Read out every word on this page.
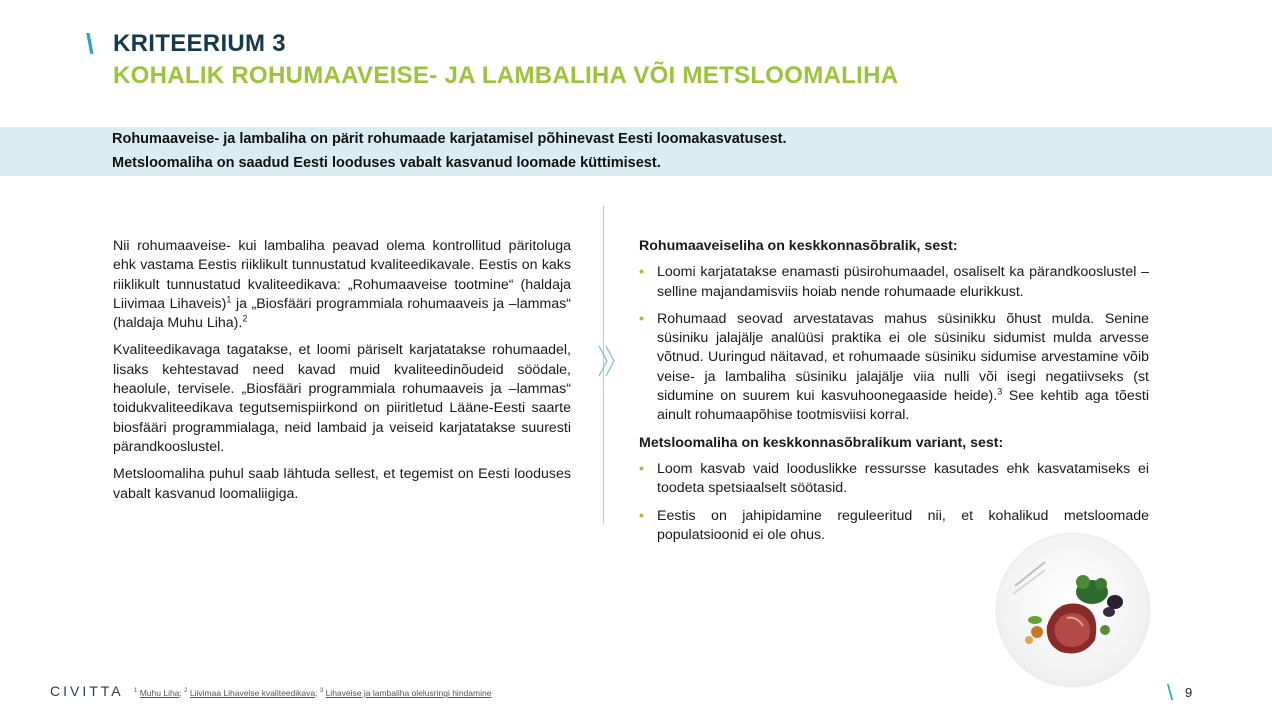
\ KRITEERIUM 3
KOHALIK ROHUMAAVEISE- JA LAMBALIHA VÕI METSLOOMALIHA

Rohumaaveise- ja lambaliha on pärit rohumaade karjatamisel põhinevast Eesti loomakasvatusest.

Metsloomaliha on saadud Eesti looduses vabalt kasvanud loomade küttimisest.

Nii rohumaaveise- kui lambaliha peavad olema kontrollitud päritoluga ehk vastama Eestis riiklikult tunnustatud kvaliteedikavale. Eestis on kaks riiklikult tunnustatud kvaliteedikava: „Rohumaaveise tootmine“ (haldaja Liivimaa Lihaveis)$^1$ ja „Biosfääri programmiala rohumaaveis ja –lammas“ (haldaja Muhu Liha).$^2$

Kvaliteedikavaga tagatakse, et loomi päriselt karjatatakse rohumaadel, lisaks kehtestavad need kavad muid kvaliteedinõudeid söödale, heaolule, tervisele. „Biosfääri programmiala rohumaaveis ja –lammas“ toidukvaliteedikava tegutsemispiirkond on piiritletud Lääne-Eesti saarte biosfääri programmialaga, neid lambaid ja veiseid karjatatakse suuresti pärandkooslustel.

Metsloomaliha puhul saab lähtuda sellest, et tegemist on Eesti looduses vabalt kasvanud loomaliigiga.

Rohumaaveiseliha on keskkonnasõbralik, sest:
• Loomi karjatatakse enamasti püsirohumaadel, osaliselt ka pärandkooslustel – selline majandamisviis hoiab nende rohumaade elurikkust.
• Rohumaad seovad arvestatavas mahus süsinikku õhust mulda. Senine süsiniku jalajälje analüüsi praktika ei ole süsiniku sidumist mulda arvesse võtnud. Uuringud näitavad, et rohumaade süsiniku sidumise arvestamine võib veise- ja lambaliha süsiniku jalajälje viia nulli või isegi negatiivseks (st sidumine on suurem kui kasvuhoonegaaside heide).$^3$ See kehtib aga tõesti ainult rohumaapõhise tootmisviisi korral.
Metsloomaliha on keskkonnasõbralikum variant, sest:
• Loom kasvab vaid looduslikke ressursse kasutades ehk kasvatamiseks ei toodeta spetsiaalselt söötasid.
• Eestis on jahipidamine reguleeritud nii, et kohalikud metsloomade populatsioonid ei ole ohus.
CIVITTA $^1$ Muhu Liha; $^2$ Liivimaa Lihaveise kvaliteedikava; $^3$ Lihaveise ja lambaliha olelusringi hindamine	\ 9
